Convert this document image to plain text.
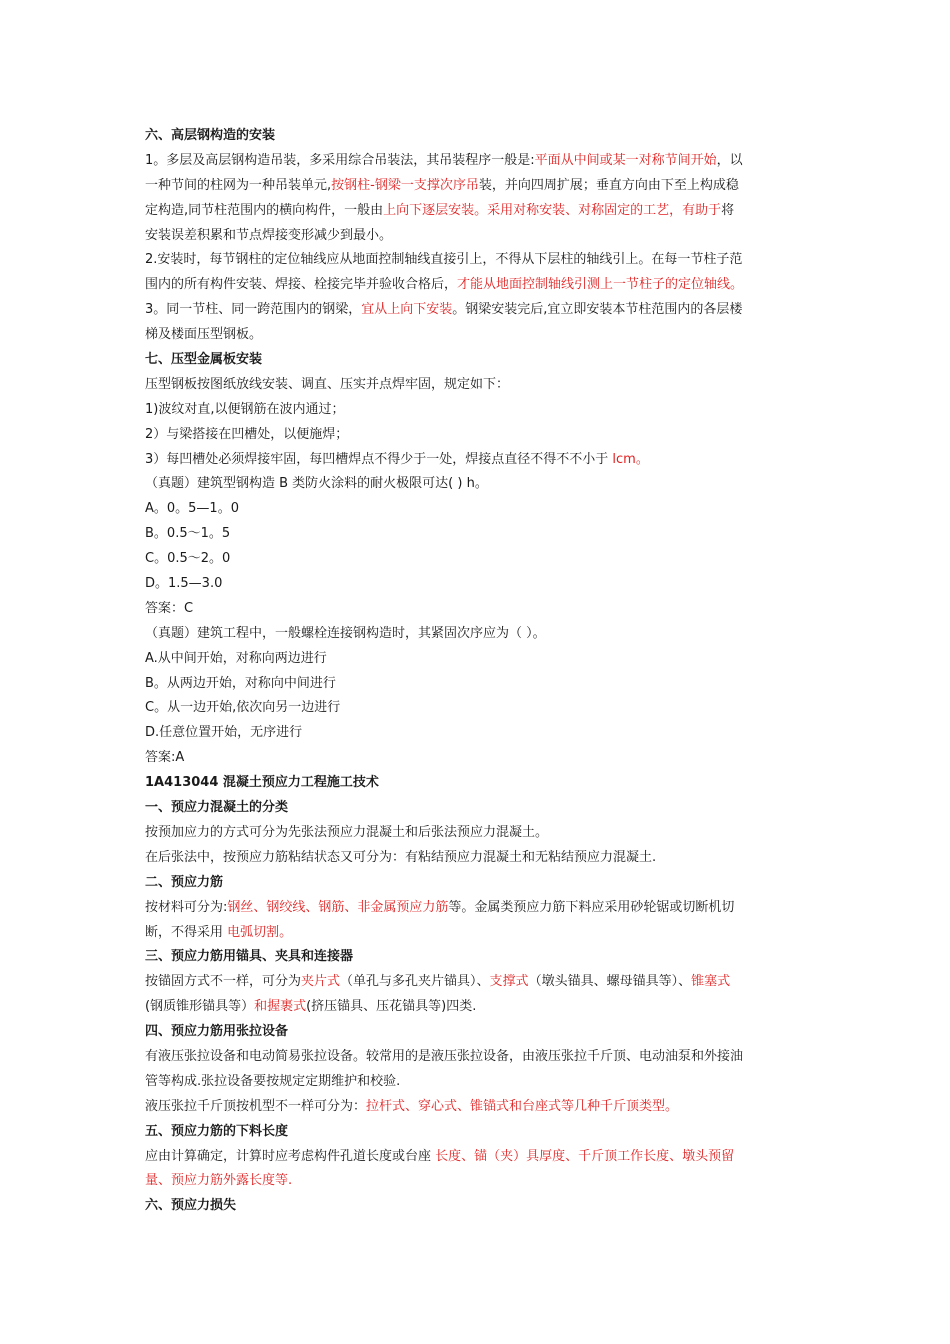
六、高层钢构造的安装
1。多层及高层钢构造吊装，多采用综合吊装法，其吊装程序一般是:平面从中间或某一对称节间开始，以
一种节间的柱网为一种吊装单元,按钢柱-钢梁一支撑次序吊装，并向四周扩展；垂直方向由下至上构成稳
定构造,同节柱范围内的横向构件，一般由上向下逐层安装。采用对称安装、对称固定的工艺，有助于将
安装误差积累和节点焊接变形减少到最小。
2.安装时，每节钢柱的定位轴线应从地面控制轴线直接引上，不得从下层柱的轴线引上。在每一节柱子范
围内的所有构件安装、焊接、栓接完毕并验收合格后，才能从地面控制轴线引测上一节柱子的定位轴线。
3。同一节柱、同一跨范围内的钢梁，宜从上向下安装。钢梁安装完后,宜立即安装本节柱范围内的各层楼
梯及楼面压型钢板。
七、压型金属板安装
压型钢板按图纸放线安装、调直、压实并点焊牢固，规定如下：
1)波纹对直,以便钢筋在波内通过；
2）与梁搭接在凹槽处，以便施焊；
3）每凹槽处必须焊接牢固，每凹槽焊点不得少于一处，焊接点直径不得不不小于 lcm。
（真题）建筑型钢构造 B 类防火涂料的耐火极限可达( ) h。
A。0。5—1。0
B。0.5～1。5
C。0.5～2。0
D。1.5—3.0
答案：C
（真题）建筑工程中，一般螺栓连接钢构造时，其紧固次序应为（ ）。
A.从中间开始，对称向两边进行
B。从两边开始，对称向中间进行
C。从一边开始,依次向另一边进行
D.任意位置开始，无序进行
答案:A
1A413044 混凝土预应力工程施工技术
一、预应力混凝土的分类
按预加应力的方式可分为先张法预应力混凝土和后张法预应力混凝土。
在后张法中，按预应力筋粘结状态又可分为：有粘结预应力混凝土和无粘结预应力混凝土.
二、预应力筋
按材料可分为:钢丝、钢绞线、钢筋、非金属预应力筋等。金属类预应力筋下料应采用砂轮锯或切断机切
断，不得采用 电弧切割。
三、预应力筋用锚具、夹具和连接器
按锚固方式不一样，可分为夹片式（单孔与多孔夹片锚具）、支撑式（墩头锚具、螺母锚具等）、锥塞式
(钢质锥形锚具等）和握裹式(挤压锚具、压花锚具等)四类.
四、预应力筋用张拉设备
有液压张拉设备和电动简易张拉设备。较常用的是液压张拉设备，由液压张拉千斤顶、电动油泵和外接油
管等构成.张拉设备要按规定定期维护和校验.
液压张拉千斤顶按机型不一样可分为：拉杆式、穿心式、锥锚式和台座式等几种千斤顶类型。
五、预应力筋的下料长度
应由计算确定，计算时应考虑构件孔道长度或台座 长度、锚（夹）具厚度、千斤顶工作长度、墩头预留
量、预应力筋外露长度等.
六、预应力损失
